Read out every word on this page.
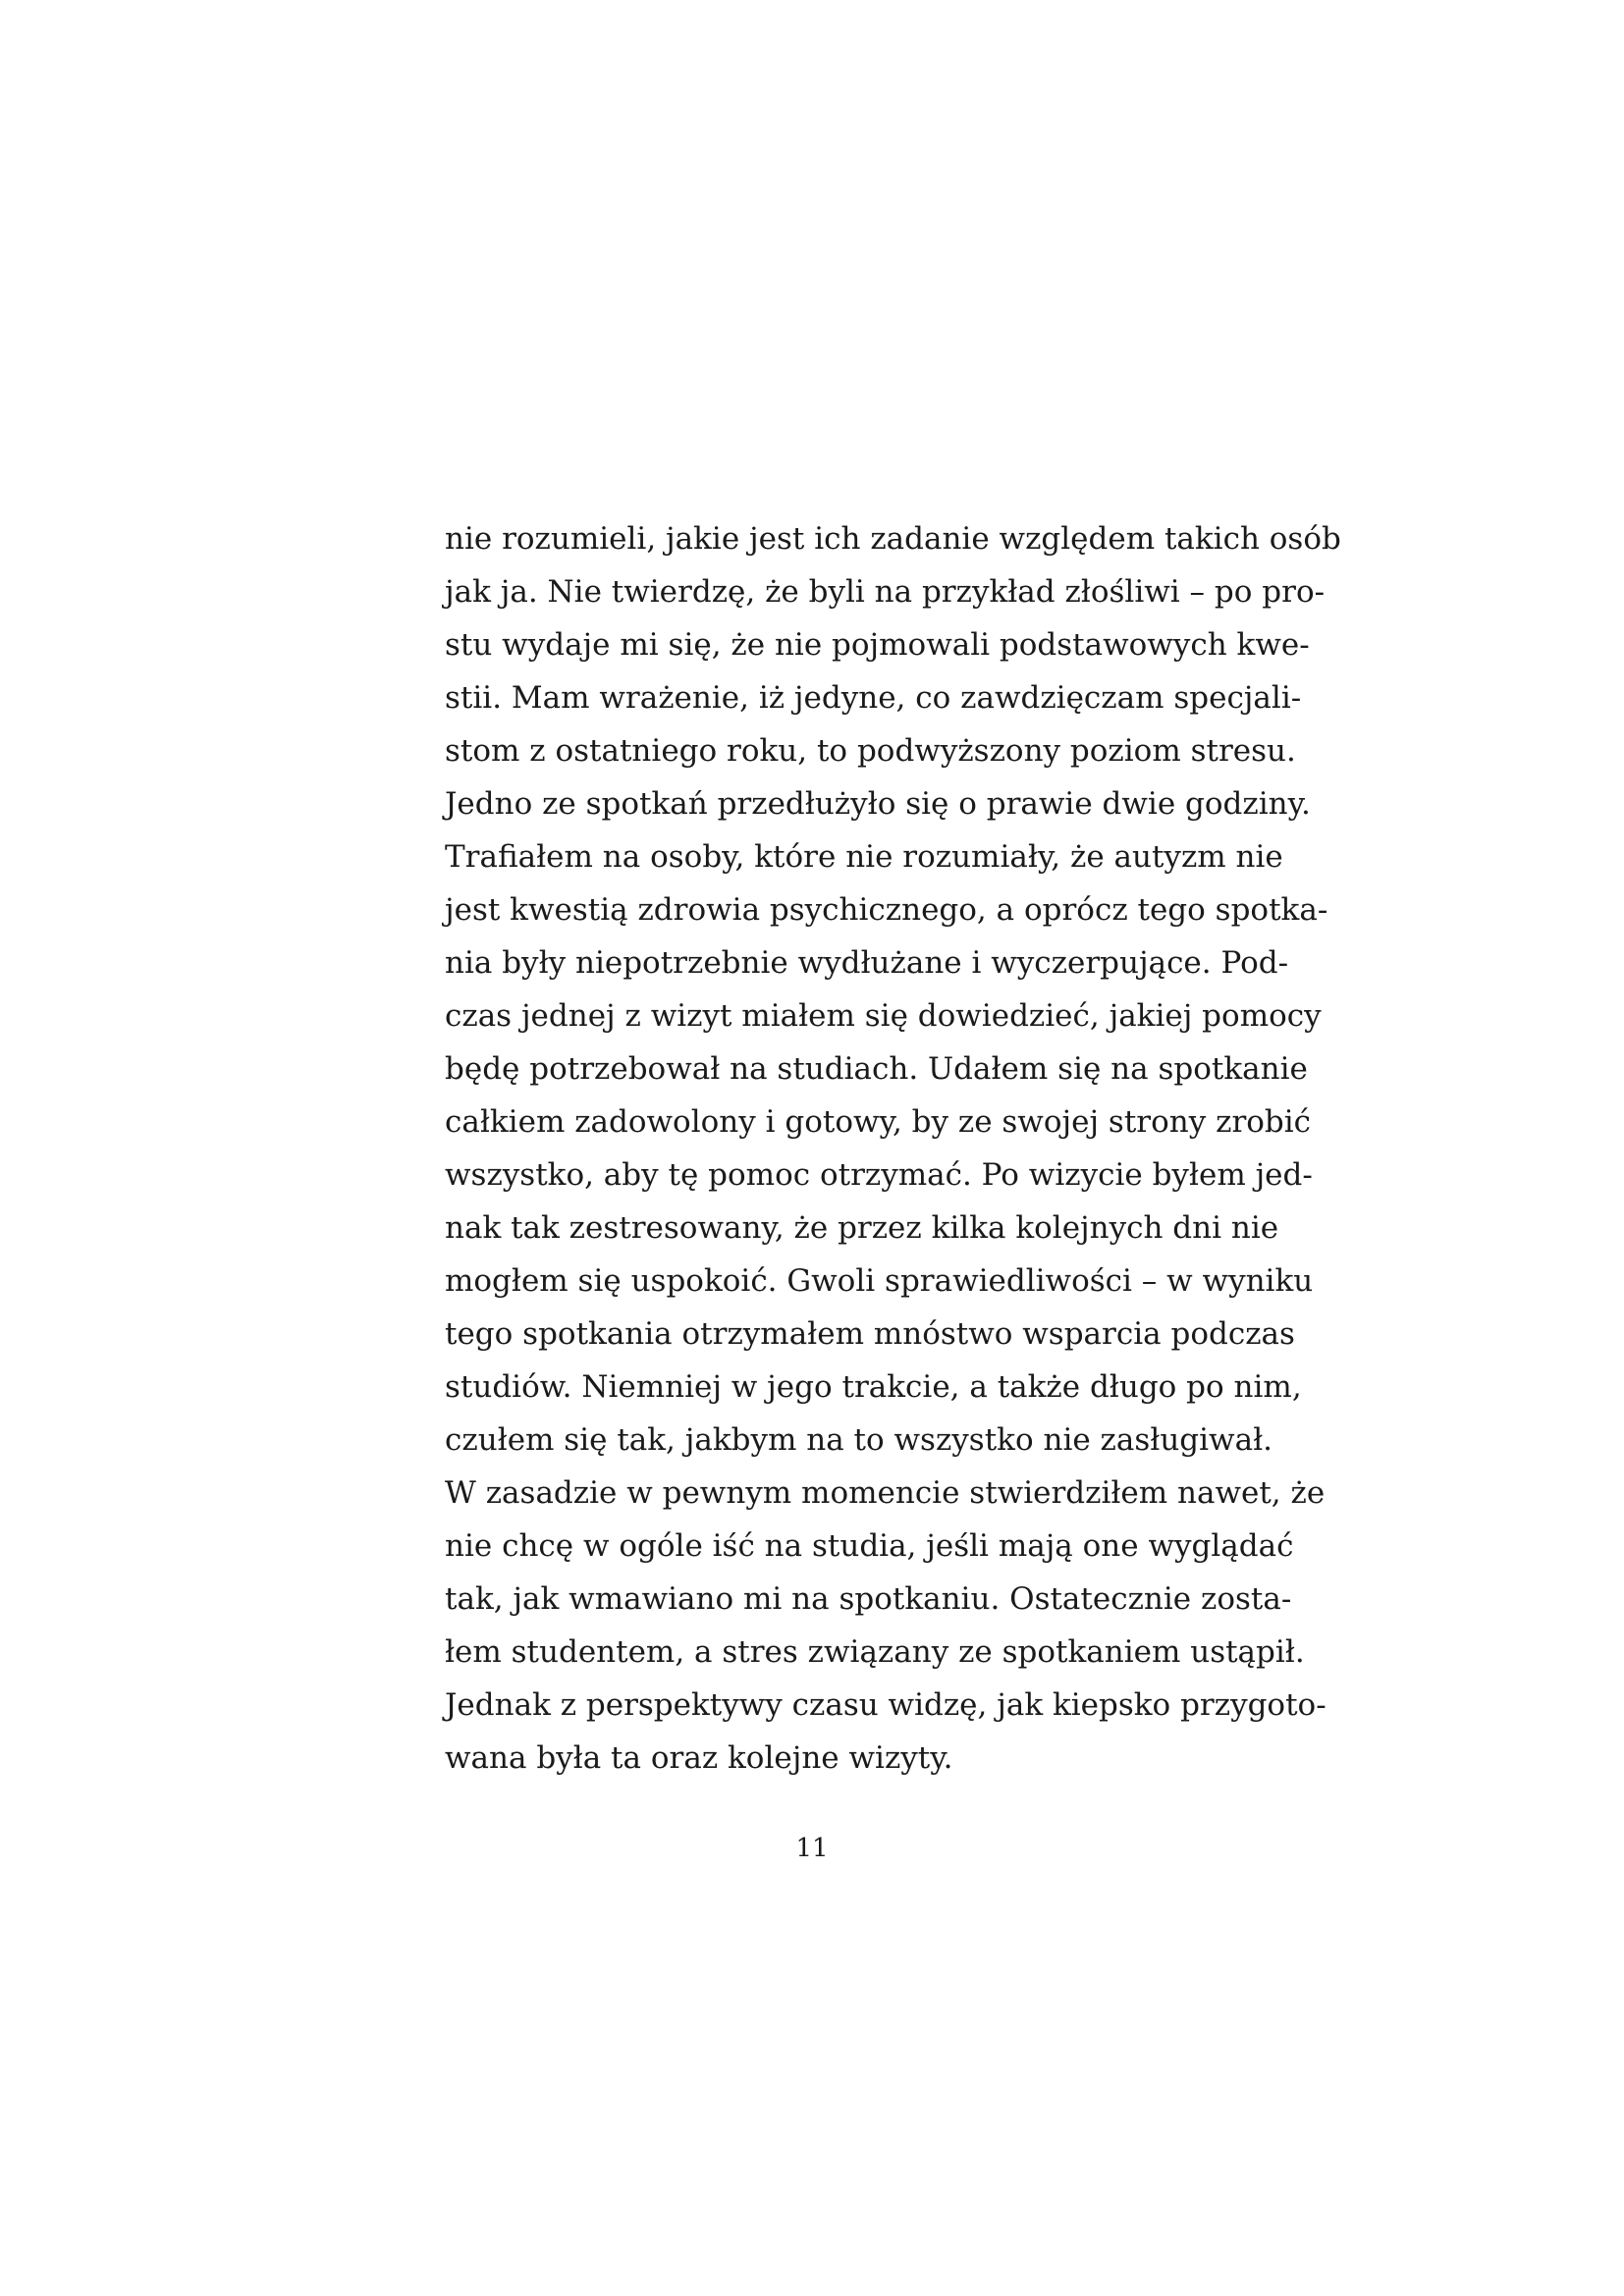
nie rozumieli, jakie jest ich zadanie względem takich osób
jak ja. Nie twierdzę, że byli na przykład złośliwi – po pro-
stu wydaje mi się, że nie pojmowali podstawowych kwe-
stii. Mam wrażenie, iż jedyne, co zawdzięczam specjali-
stom z ostatniego roku, to podwyższony poziom stresu.
Jedno ze spotkań przedłużyło się o prawie dwie godziny.
Trafiałem na osoby, które nie rozumiały, że autyzm nie
jest kwestią zdrowia psychicznego, a oprócz tego spotka-
nia były niepotrzebnie wydłużane i wyczerpujące. Pod-
czas jednej z wizyt miałem się dowiedzieć, jakiej pomocy
będę potrzebował na studiach. Udałem się na spotkanie
całkiem zadowolony i gotowy, by ze swojej strony zrobić
wszystko, aby tę pomoc otrzymać. Po wizycie byłem jed-
nak tak zestresowany, że przez kilka kolejnych dni nie
mogłem się uspokoić. Gwoli sprawiedliwości – w wyniku
tego spotkania otrzymałem mnóstwo wsparcia podczas
studiów. Niemniej w jego trakcie, a także długo po nim,
czułem się tak, jakbym na to wszystko nie zasługiwał.
W zasadzie w pewnym momencie stwierdziłem nawet, że
nie chcę w ogóle iść na studia, jeśli mają one wyglądać
tak, jak wmawiano mi na spotkaniu. Ostatecznie zosta-
łem studentem, a stres związany ze spotkaniem ustąpił.
Jednak z perspektywy czasu widzę, jak kiepsko przygoto-
wana była ta oraz kolejne wizyty.
11
